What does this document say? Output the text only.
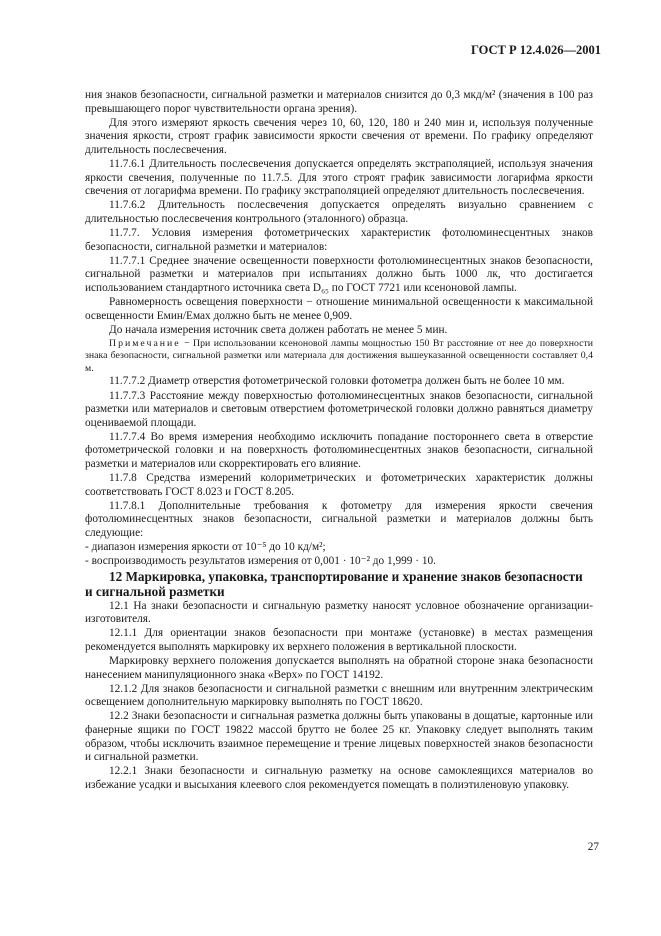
ГОСТ Р 12.4.026—2001

ния знаков безопасности, сигнальной разметки и материалов снизится до 0,3 мкд/м² (значения в 100 раз превышающего порог чувствительности органа зрения).

Для этого измеряют яркость свечения через 10, 60, 120, 180 и 240 мин и, используя полученные значения яркости, строят график зависимости яркости свечения от времени. По графику определяют длительность послесвечения.

11.7.6.1 Длительность послесвечения допускается определять экстраполяцией, используя значения яркости свечения, полученные по 11.7.5. Для этого строят график зависимости логарифма яркости свечения от логарифма времени. По графику экстраполяцией определяют длительность послесвечения.

11.7.6.2 Длительность послесвечения допускается определять визуально сравнением с длительностью послесвечения контрольного (эталонного) образца.

11.7.7. Условия измерения фотометрических характеристик фотолюминесцентных знаков безопасности, сигнальной разметки и материалов:

11.7.7.1 Среднее значение освещенности поверхности фотолюминесцентных знаков безопасности, сигнальной разметки и материалов при испытаниях должно быть 1000 лк, что достигается использованием стандартного источника света D₆₅ по ГОСТ 7721 или ксеноновой лампы.

Равномерность освещения поверхности − отношение минимальной освещенности к максимальной освещенности Eмин/Eмах должно быть не менее 0,909.

До начала измерения источник света должен работать не менее 5 мин.

Примечание − При использовании ксеноновой лампы мощностью 150 Вт расстояние от нее до поверхности знака безопасности, сигнальной разметки или материала для достижения вышеуказанной освещенности составляет 0,4 м.

11.7.7.2 Диаметр отверстия фотометрической головки фотометра должен быть не более 10 мм.

11.7.7.3 Расстояние между поверхностью фотолюминесцентных знаков безопасности, сигнальной разметки или материалов и световым отверстием фотометрической головки должно равняться диаметру оцениваемой площади.

11.7.7.4 Во время измерения необходимо исключить попадание постороннего света в отверстие фотометрической головки и на поверхность фотолюминесцентных знаков безопасности, сигнальной разметки и материалов или скорректировать его влияние.

11.7.8 Средства измерений колориметрических и фотометрических характеристик должны соответствовать ГОСТ 8.023 и ГОСТ 8.205.

11.7.8.1 Дополнительные требования к фотометру для измерения яркости свечения фотолюминесцентных знаков безопасности, сигнальной разметки и материалов должны быть следующие:

- диапазон измерения яркости от 10⁻⁵ до 10 кд/м²;

- воспроизводимость результатов измерения от 0,001 · 10⁻² до 1,999 · 10.

12 Маркировка, упаковка, транспортирование и хранение знаков безопасности и сигнальной разметки

12.1 На знаки безопасности и сигнальную разметку наносят условное обозначение организации-изготовителя.

12.1.1 Для ориентации знаков безопасности при монтаже (установке) в местах размещения рекомендуется выполнять маркировку их верхнего положения в вертикальной плоскости.

Маркировку верхнего положения допускается выполнять на обратной стороне знака безопасности нанесением манипуляционного знака «Верх» по ГОСТ 14192.

12.1.2 Для знаков безопасности и сигнальной разметки с внешним или внутренним электрическим освещением дополнительную маркировку выполнять по ГОСТ 18620.

12.2 Знаки безопасности и сигнальная разметка должны быть упакованы в дощатые, картонные или фанерные ящики по ГОСТ 19822 массой брутто не более 25 кг. Упаковку следует выполнять таким образом, чтобы исключить взаимное перемещение и трение лицевых поверхностей знаков безопасности и сигнальной разметки.

12.2.1 Знаки безопасности и сигнальную разметку на основе самоклеящихся материалов во избежание усадки и высыхания клеевого слоя рекомендуется помещать в полиэтиленовую упаковку.

27
